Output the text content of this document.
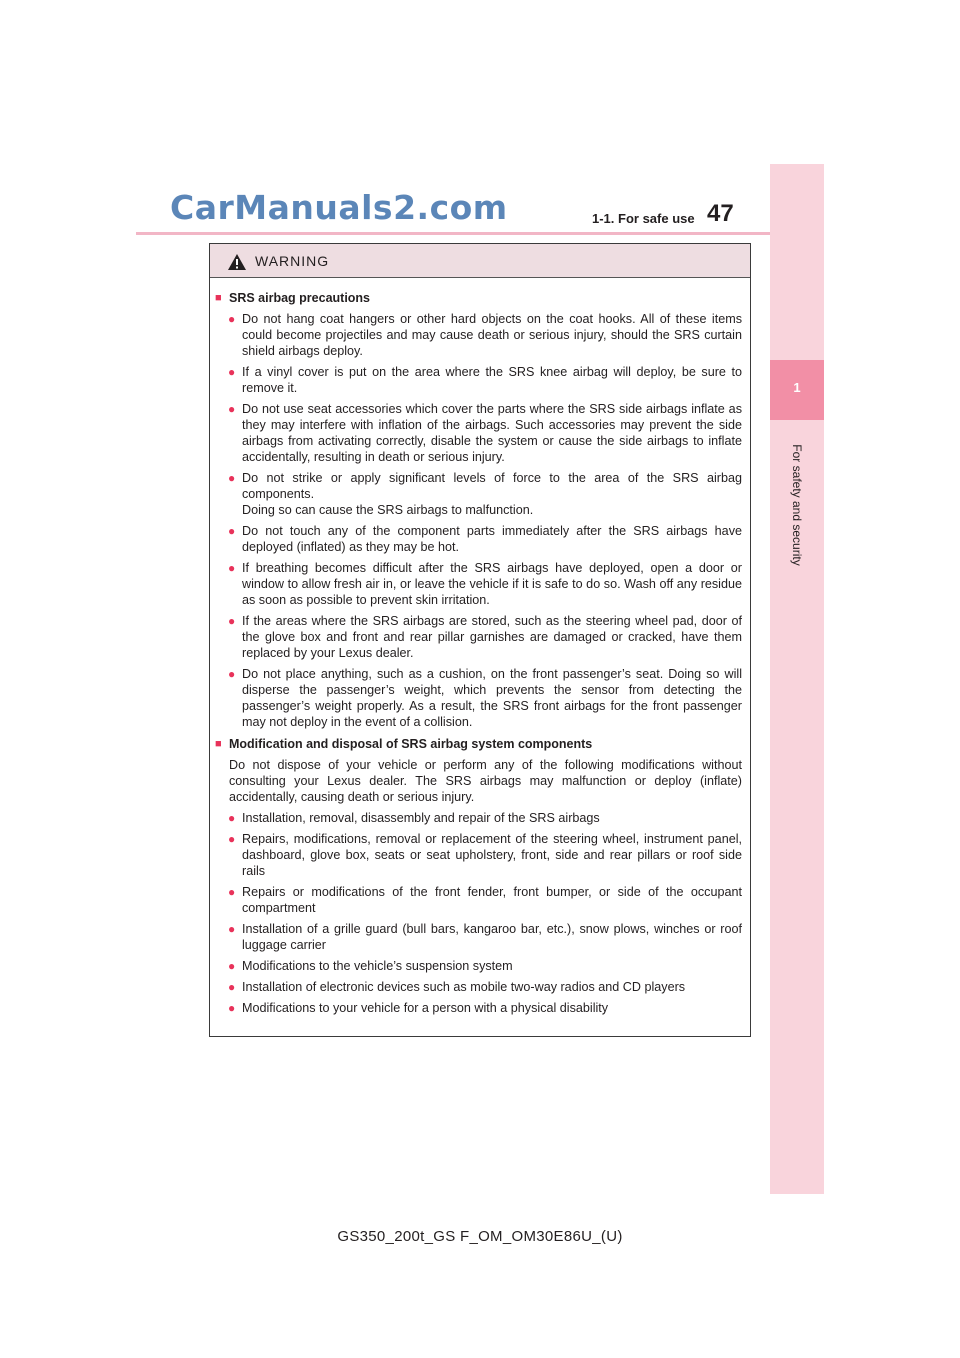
CarManuals2.com	1-1. For safe use 47
1
For safety and security
WARNING
■ SRS airbag precautions
● Do not hang coat hangers or other hard objects on the coat hooks. All of these items could become projectiles and may cause death or serious injury, should the SRS curtain shield airbags deploy.
● If a vinyl cover is put on the area where the SRS knee airbag will deploy, be sure to remove it.
● Do not use seat accessories which cover the parts where the SRS side airbags inflate as they may interfere with inflation of the airbags. Such accessories may prevent the side airbags from activating correctly, disable the system or cause the side airbags to inflate accidentally, resulting in death or serious injury.
● Do not strike or apply significant levels of force to the area of the SRS airbag components.
Doing so can cause the SRS airbags to malfunction.
● Do not touch any of the component parts immediately after the SRS airbags have deployed (inflated) as they may be hot.
● If breathing becomes difficult after the SRS airbags have deployed, open a door or window to allow fresh air in, or leave the vehicle if it is safe to do so. Wash off any residue as soon as possible to prevent skin irritation.
● If the areas where the SRS airbags are stored, such as the steering wheel pad, door of the glove box and front and rear pillar garnishes are damaged or cracked, have them replaced by your Lexus dealer.
● Do not place anything, such as a cushion, on the front passenger’s seat. Doing so will disperse the passenger’s weight, which prevents the sensor from detecting the passenger’s weight properly. As a result, the SRS front airbags for the front passenger may not deploy in the event of a collision.
■ Modification and disposal of SRS airbag system components
Do not dispose of your vehicle or perform any of the following modifications without consulting your Lexus dealer. The SRS airbags may malfunction or deploy (inflate) accidentally, causing death or serious injury.
● Installation, removal, disassembly and repair of the SRS airbags
● Repairs, modifications, removal or replacement of the steering wheel, instrument panel, dashboard, glove box, seats or seat upholstery, front, side and rear pillars or roof side rails
● Repairs or modifications of the front fender, front bumper, or side of the occupant compartment
● Installation of a grille guard (bull bars, kangaroo bar, etc.), snow plows, winches or roof luggage carrier
● Modifications to the vehicle’s suspension system
● Installation of electronic devices such as mobile two-way radios and CD players
● Modifications to your vehicle for a person with a physical disability
GS350_200t_GS F_OM_OM30E86U_(U)
